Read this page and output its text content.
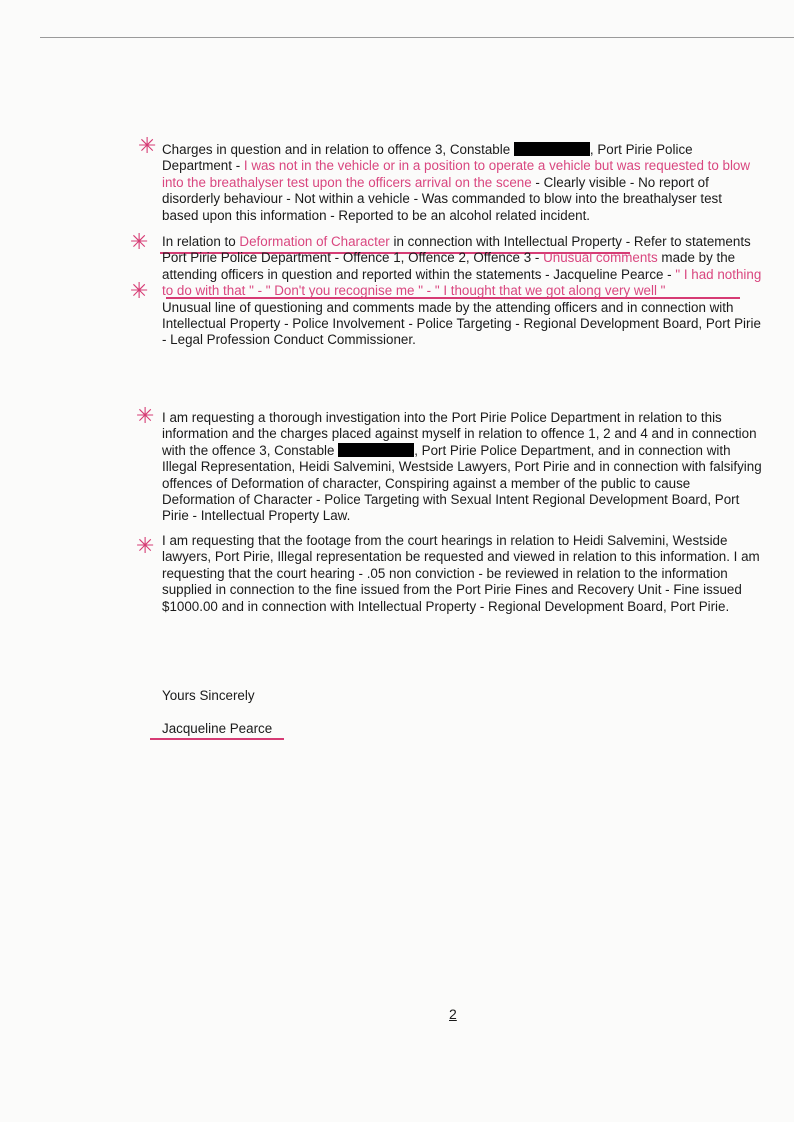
✳ Charges in question and in relation to offence 3, Constable	, Port Pirie Police Department - I was not in the vehicle or in a position to operate a vehicle but was requested to blow into the breathalyser test upon the officers arrival on the scene - Clearly visible - No report of disorderly behaviour - Not within a vehicle - Was commanded to blow into the breathalyser test based upon this information - Reported to be an alcohol related incident.
✳
✳
In relation to Deformation of Character in connection with Intellectual Property - Refer to statements Port Pirie Police Department - Offence 1, Offence 2, Offence 3 - Unusual comments made by the attending officers in question and reported within the statements - Jacqueline Pearce - " I had nothing to do with that " - " Don't you recognise me " - " I thought that we got along very well "
Unusual line of questioning and comments made by the attending officers and in connection with Intellectual Property - Police Involvement - Police Targeting - Regional Development Board, Port Pirie - Legal Profession Conduct Commissioner.
✳ I am requesting a thorough investigation into the Port Pirie Police Department in relation to this information and the charges placed against myself in relation to offence 1, 2 and 4 and in connection with the offence 3, Constable	, Port Pirie Police Department, and in connection with Illegal Representation, Heidi Salvemini, Westside Lawyers, Port Pirie and in connection with falsifying offences of Deformation of character, Conspiring against a member of the public to cause Deformation of Character - Police Targeting with Sexual Intent Regional Development Board, Port Pirie - Intellectual Property Law.
✳ I am requesting that the footage from the court hearings in relation to Heidi Salvemini, Westside lawyers, Port Pirie, Illegal representation be requested and viewed in relation to this information. I am requesting that the court hearing - .05 non conviction - be reviewed in relation to the information supplied in connection to the fine issued from the Port Pirie Fines and Recovery Unit - Fine issued $1000.00 and in connection with Intellectual Property - Regional Development Board, Port Pirie.
Yours Sincerely
Jacqueline Pearce
2
